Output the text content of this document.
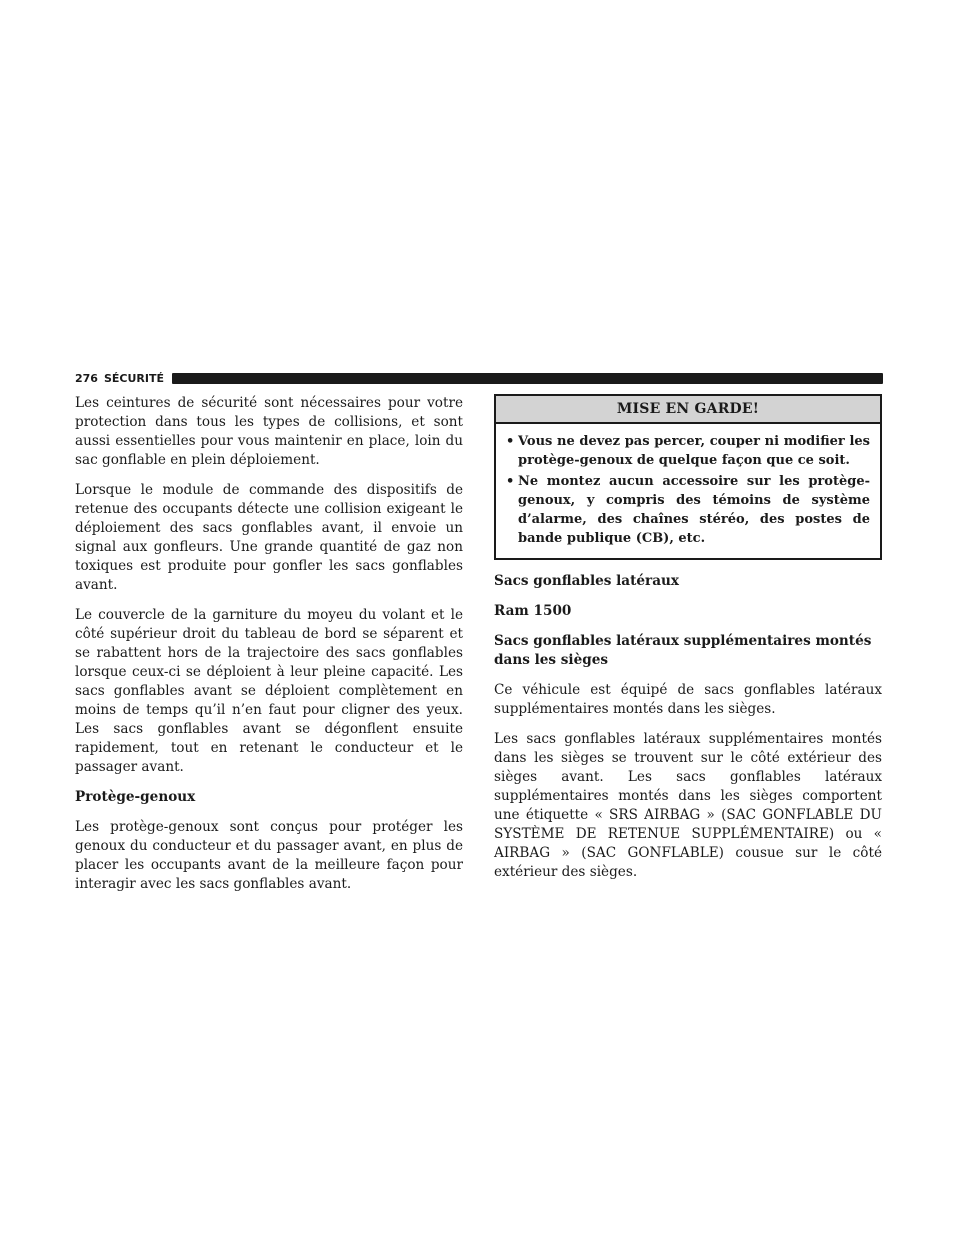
276 SÉCURITÉ

Les ceintures de sécurité sont nécessaires pour votre protection dans tous les types de collisions, et sont aussi essentielles pour vous maintenir en place, loin du sac gonflable en plein déploiement.

Lorsque le module de commande des dispositifs de retenue des occupants détecte une collision exigeant le déploiement des sacs gonflables avant, il envoie un signal aux gonfleurs. Une grande quantité de gaz non toxiques est produite pour gonfler les sacs gonflables avant.

Le couvercle de la garniture du moyeu du volant et le côté supérieur droit du tableau de bord se séparent et se rabattent hors de la trajectoire des sacs gonflables lorsque ceux-ci se déploient à leur pleine capacité. Les sacs gonflables avant se déploient complètement en moins de temps qu’il n’en faut pour cligner des yeux. Les sacs gonflables avant se dégonflent ensuite rapidement, tout en retenant le conducteur et le passager avant.

Protège-genoux

Les protège-genoux sont conçus pour protéger les genoux du conducteur et du passager avant, en plus de placer les occupants avant de la meilleure façon pour interagir avec les sacs gonflables avant.

MISE EN GARDE!
• Vous ne devez pas percer, couper ni modifier les protège-genoux de quelque façon que ce soit.
• Ne montez aucun accessoire sur les protège-genoux, y compris des témoins de système d’alarme, des chaînes stéréo, des postes de bande publique (CB), etc.
Sacs gonflables latéraux
Ram 1500
Sacs gonflables latéraux supplémentaires montés dans les sièges

Ce véhicule est équipé de sacs gonflables latéraux supplémentaires montés dans les sièges.

Les sacs gonflables latéraux supplémentaires montés dans les sièges se trouvent sur le côté extérieur des sièges avant. Les sacs gonflables latéraux supplémentaires montés dans les sièges comportent une étiquette « SRS AIRBAG » (SAC GONFLABLE DU SYSTÈME DE RETENUE SUPPLÉMENTAIRE) ou « AIRBAG » (SAC GONFLABLE) cousue sur le côté extérieur des sièges.
